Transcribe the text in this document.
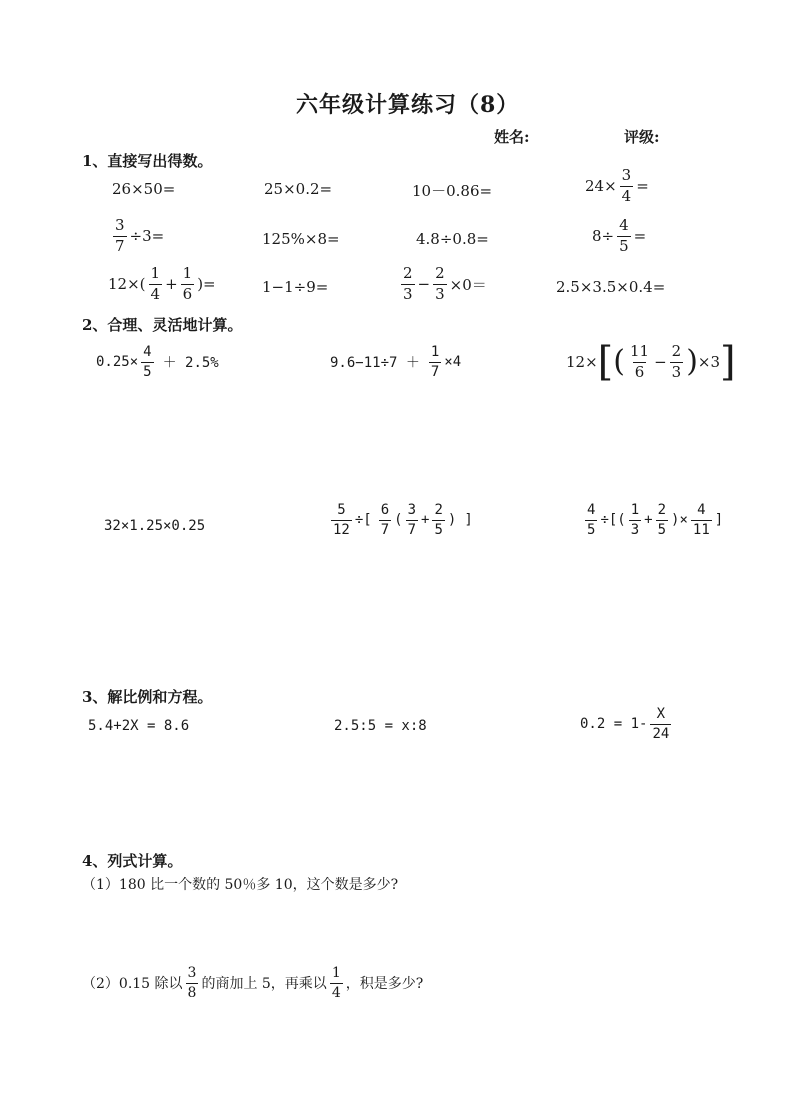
六年级计算练习（8）
姓名:	评级:
1、直接写出得数。
26×50=	25×0.2=	10－0.86=	$24\times \frac{3}{4}$ =
$\frac{3}{7} \div 3=$	125%×8=	4.8÷0.8=	$8\div \frac{4}{5}$ =
$12\times( \frac{1}{4} + \frac{1}{6}$ )=	1−1÷9=	$\frac{2}{3} - \frac{2}{3} \times 0=$	2.5×3.5×0.4=
2、合理、灵活地计算。
$0.25\times \frac{4}{5} + 2.5\%$	$9.6-11\div 7 + \frac{1}{7} \times 4$	12× [ ( $\frac{11}{6} - \frac{2}{3}$ ) ×3 ]
32×1.25×0.25	$\frac{5}{12}$ ÷[ $\frac{6}{7}$ ( $\frac{3}{7} + \frac{2}{5}$ ) ]	$\frac{4}{5}$ ÷[( $\frac{1}{3} + \frac{2}{5}$ )× $\frac{4}{11}$ ]
3、解比例和方程。
5.4+2X = 8.6	2.5:5 = x:8	$0.2 = 1- \frac{X}{24}$
4、列式计算。
（1）180 比一个数的 50％多 10，这个数是多少?
（2）0.15 除以 $\frac{3}{8}$ 的商加上 5，再乘以 $\frac{1}{4}$ ，积是多少?
